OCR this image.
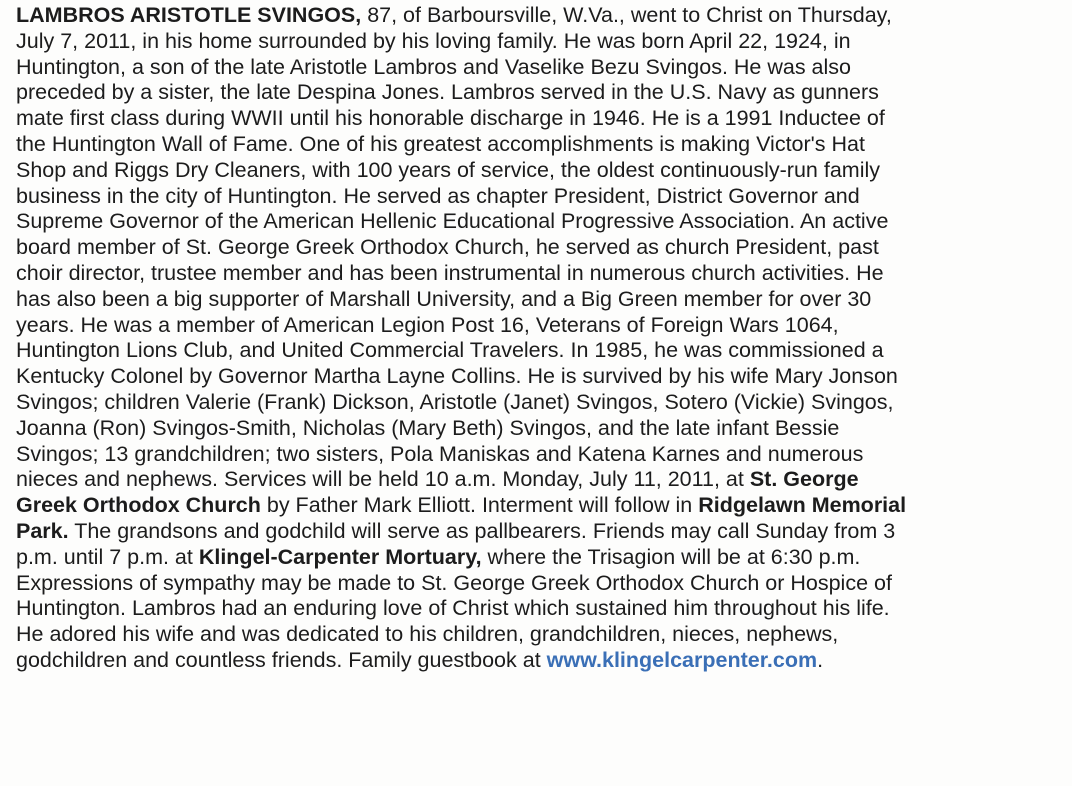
LAMBROS ARISTOTLE SVINGOS, 87, of Barboursville, W.Va., went to Christ on Thursday,
July 7, 2011, in his home surrounded by his loving family. He was born April 22, 1924, in
Huntington, a son of the late Aristotle Lambros and Vaselike Bezu Svingos. He was also
preceded by a sister, the late Despina Jones. Lambros served in the U.S. Navy as gunners
mate first class during WWII until his honorable discharge in 1946. He is a 1991 Inductee of
the Huntington Wall of Fame. One of his greatest accomplishments is making Victor's Hat
Shop and Riggs Dry Cleaners, with 100 years of service, the oldest continuously-run family
business in the city of Huntington. He served as chapter President, District Governor and
Supreme Governor of the American Hellenic Educational Progressive Association. An active
board member of St. George Greek Orthodox Church, he served as church President, past
choir director, trustee member and has been instrumental in numerous church activities. He
has also been a big supporter of Marshall University, and a Big Green member for over 30
years. He was a member of American Legion Post 16, Veterans of Foreign Wars 1064,
Huntington Lions Club, and United Commercial Travelers. In 1985, he was commissioned a
Kentucky Colonel by Governor Martha Layne Collins. He is survived by his wife Mary Jonson
Svingos; children Valerie (Frank) Dickson, Aristotle (Janet) Svingos, Sotero (Vickie) Svingos,
Joanna (Ron) Svingos-Smith, Nicholas (Mary Beth) Svingos, and the late infant Bessie
Svingos; 13 grandchildren; two sisters, Pola Maniskas and Katena Karnes and numerous
nieces and nephews. Services will be held 10 a.m. Monday, July 11, 2011, at St. George
Greek Orthodox Church by Father Mark Elliott. Interment will follow in Ridgelawn Memorial
Park. The grandsons and godchild will serve as pallbearers. Friends may call Sunday from 3
p.m. until 7 p.m. at Klingel-Carpenter Mortuary, where the Trisagion will be at 6:30 p.m.
Expressions of sympathy may be made to St. George Greek Orthodox Church or Hospice of
Huntington. Lambros had an enduring love of Christ which sustained him throughout his life.
He adored his wife and was dedicated to his children, grandchildren, nieces, nephews,
godchildren and countless friends. Family guestbook at www.klingelcarpenter.com.
